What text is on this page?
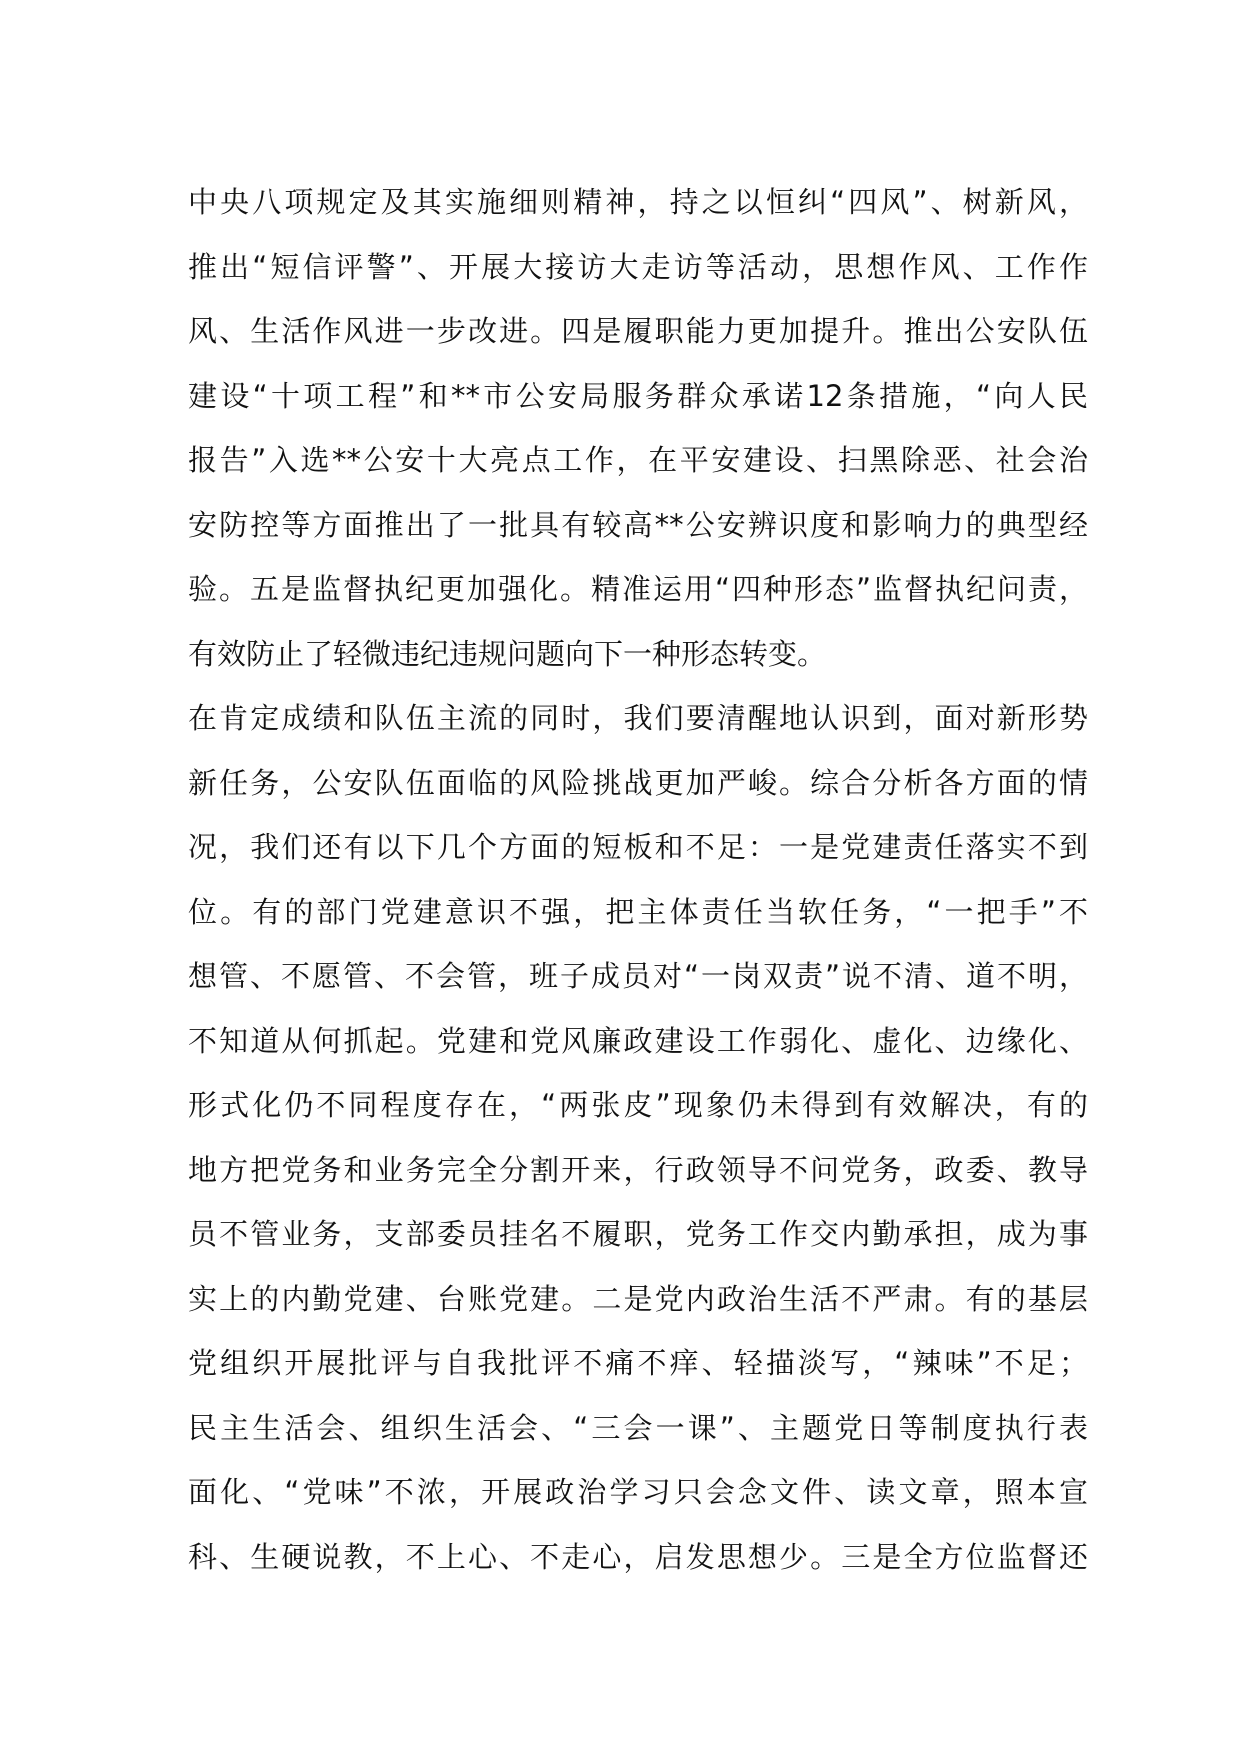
中央八项规定及其实施细则精神，持之以恒纠“四风”、树新风，
推出“短信评警”、开展大接访大走访等活动，思想作风、工作作
风、生活作风进一步改进。四是履职能力更加提升。推出公安队伍
建设“十项工程”和**市公安局服务群众承诺12条措施，“向人民
报告”入选**公安十大亮点工作，在平安建设、扫黑除恶、社会治
安防控等方面推出了一批具有较高**公安辨识度和影响力的典型经
验。五是监督执纪更加强化。精准运用“四种形态”监督执纪问责，
有效防止了轻微违纪违规问题向下一种形态转变。
在肯定成绩和队伍主流的同时，我们要清醒地认识到，面对新形势
新任务，公安队伍面临的风险挑战更加严峻。综合分析各方面的情
况，我们还有以下几个方面的短板和不足：一是党建责任落实不到
位。有的部门党建意识不强，把主体责任当软任务，“一把手”不
想管、不愿管、不会管，班子成员对“一岗双责”说不清、道不明，
不知道从何抓起。党建和党风廉政建设工作弱化、虚化、边缘化、
形式化仍不同程度存在，“两张皮”现象仍未得到有效解决，有的
地方把党务和业务完全分割开来，行政领导不问党务，政委、教导
员不管业务，支部委员挂名不履职，党务工作交内勤承担，成为事
实上的内勤党建、台账党建。二是党内政治生活不严肃。有的基层
党组织开展批评与自我批评不痛不痒、轻描淡写，“辣味”不足；
民主生活会、组织生活会、“三会一课”、主题党日等制度执行表
面化、“党味”不浓，开展政治学习只会念文件、读文章，照本宣
科、生硬说教，不上心、不走心，启发思想少。三是全方位监督还
